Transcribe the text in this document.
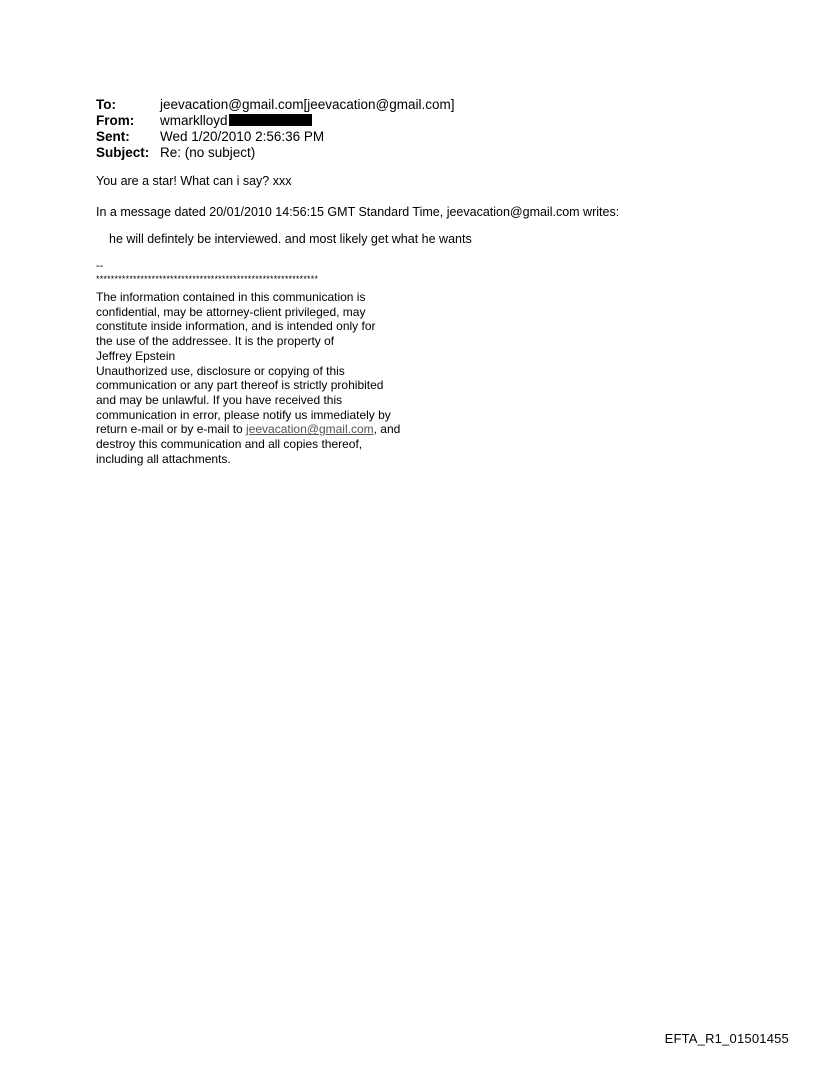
To:	jeevacation@gmail.com[jeevacation@gmail.com]
From:	wmarklloyd
Sent:	Wed 1/20/2010 2:56:36 PM
Subject: Re: (no subject)
You are a star! What can i say? xxx
In a message dated 20/01/2010 14:56:15 GMT Standard Time, jeevacation@gmail.com writes:
he will defintely be interviewed. and most likely get what he wants
--
************************************************************
The information contained in this communication is
confidential, may be attorney-client privileged, may
constitute inside information, and is intended only for
the use of the addressee. It is the property of
Jeffrey Epstein
Unauthorized use, disclosure or copying of this
communication or any part thereof is strictly prohibited
and may be unlawful. If you have received this
communication in error, please notify us immediately by
return e-mail or by e-mail to jeevacation@gmail.com, and
destroy this communication and all copies thereof,
including all attachments.
EFTA_R1_01501455
